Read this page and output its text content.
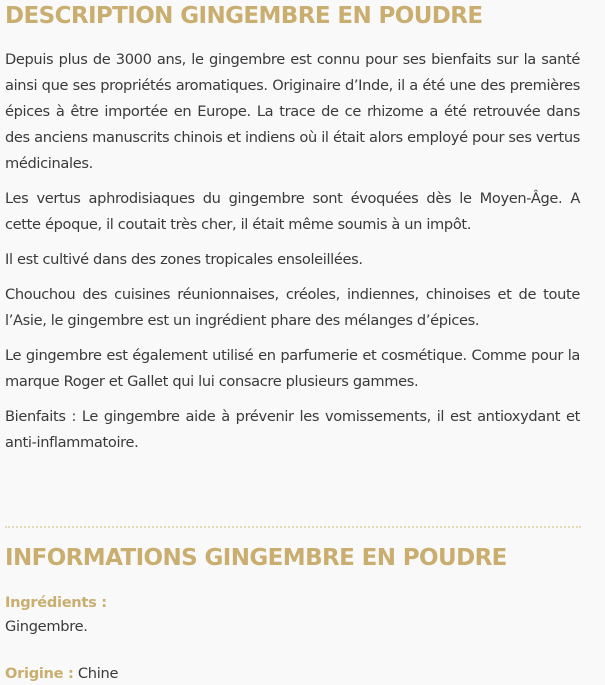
DESCRIPTION GINGEMBRE EN POUDRE

Depuis plus de 3000 ans, le gingembre est connu pour ses bienfaits sur la santé ainsi que ses propriétés aromatiques. Originaire d’Inde, il a été une des premières épices à être importée en Europe. La trace de ce rhizome a été retrouvée dans des anciens manuscrits chinois et indiens où il était alors employé pour ses vertus médicinales.

Les vertus aphrodisiaques du gingembre sont évoquées dès le Moyen-Âge. A cette époque, il coutait très cher, il était même soumis à un impôt.

Il est cultivé dans des zones tropicales ensoleillées.

Chouchou des cuisines réunionnaises, créoles, indiennes, chinoises et de toute l’Asie, le gingembre est un ingrédient phare des mélanges d’épices.

Le gingembre est également utilisé en parfumerie et cosmétique. Comme pour la marque Roger et Gallet qui lui consacre plusieurs gammes.

Bienfaits : Le gingembre aide à prévenir les vomissements, il est antioxydant et anti-inflammatoire.

INFORMATIONS GINGEMBRE EN POUDRE
Ingrédients :
Gingembre.
Origine : Chine
